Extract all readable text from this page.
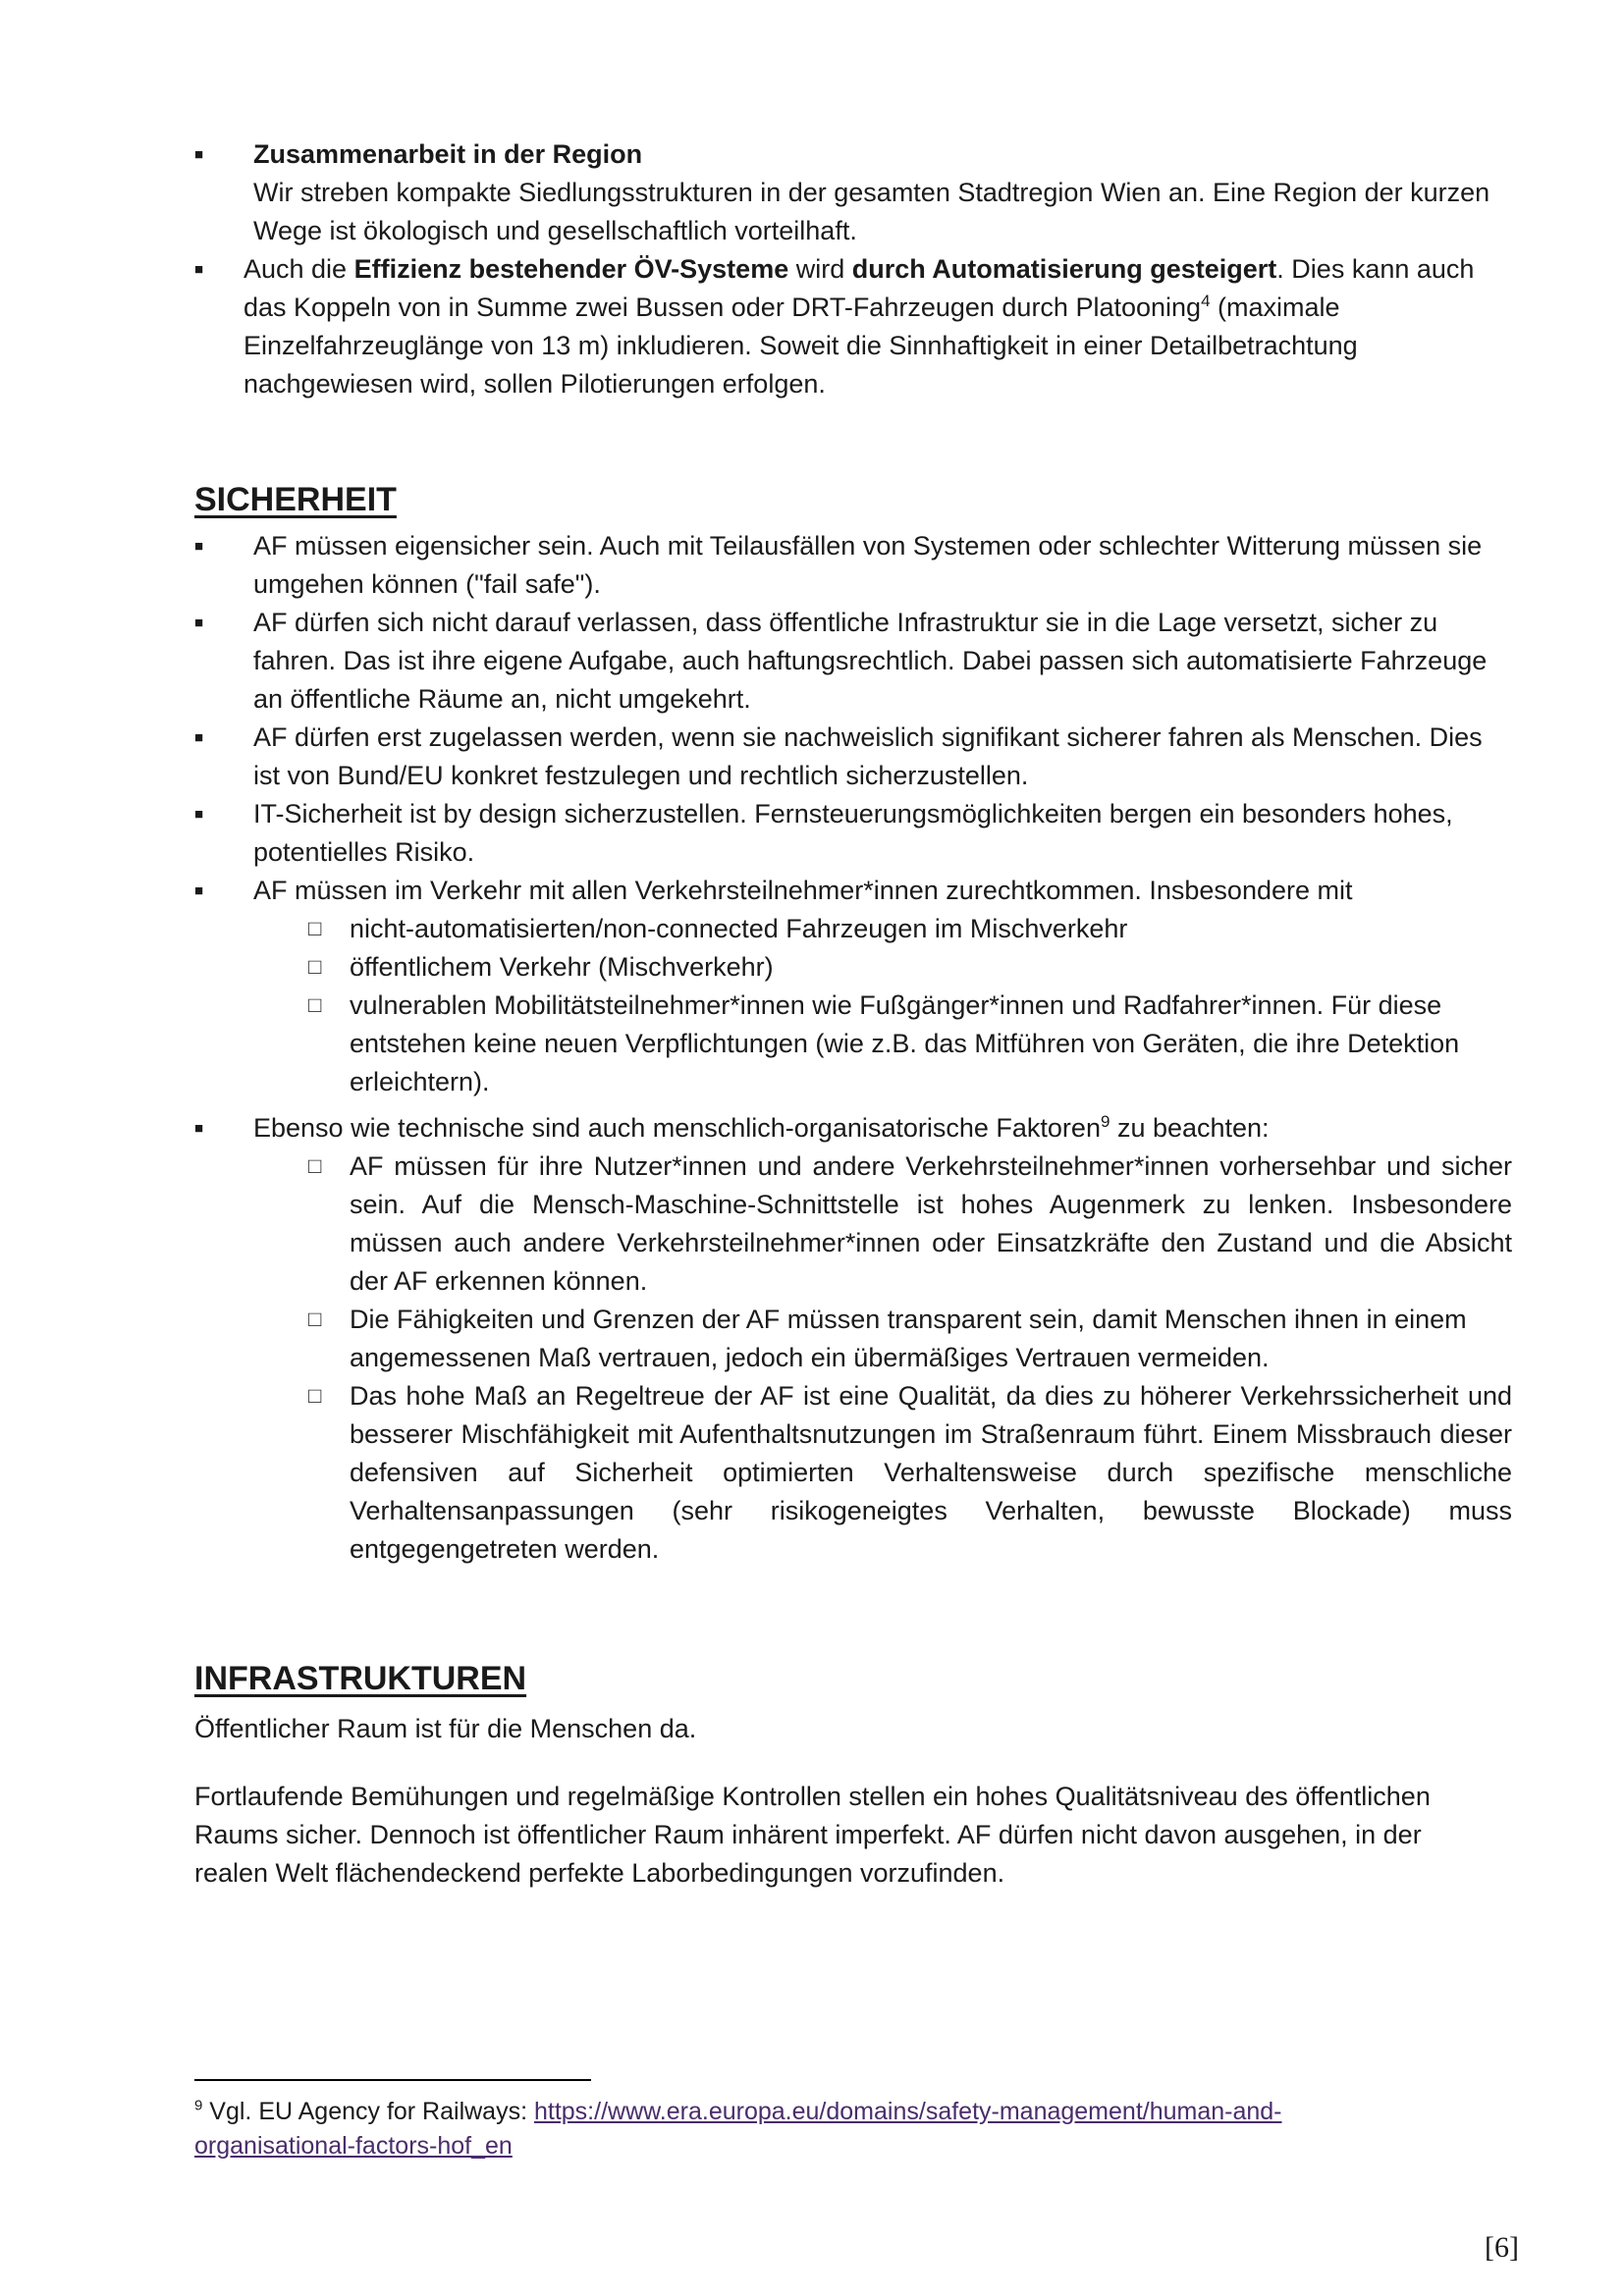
■ Zusammenarbeit in der Region
Wir streben kompakte Siedlungsstrukturen in der gesamten Stadtregion Wien an. Eine Region der kurzen Wege ist ökologisch und gesellschaftlich vorteilhaft.
■ Auch die Effizienz bestehender ÖV-Systeme wird durch Automatisierung gesteigert. Dies kann auch das Koppeln von in Summe zwei Bussen oder DRT-Fahrzeugen durch Platooning$^4$ (maximale Einzelfahrzeuglänge von 13 m) inkludieren. Soweit die Sinnhaftigkeit in einer Detailbetrachtung nachgewiesen wird, sollen Pilotierungen erfolgen.
SICHERHEIT
■ AF müssen eigensicher sein. Auch mit Teilausfällen von Systemen oder schlechter Witterung müssen sie umgehen können ("fail safe").
■ AF dürfen sich nicht darauf verlassen, dass öffentliche Infrastruktur sie in die Lage versetzt, sicher zu fahren. Das ist ihre eigene Aufgabe, auch haftungsrechtlich. Dabei passen sich automatisierte Fahrzeuge an öffentliche Räume an, nicht umgekehrt.
■ AF dürfen erst zugelassen werden, wenn sie nachweislich signifikant sicherer fahren als Menschen. Dies ist von Bund/EU konkret festzulegen und rechtlich sicherzustellen.
■ IT-Sicherheit ist by design sicherzustellen. Fernsteuerungsmöglichkeiten bergen ein besonders hohes, potentielles Risiko.
■ AF müssen im Verkehr mit allen Verkehrsteilnehmer*innen zurechtkommen. Insbesondere mit
□ nicht-automatisierten/non-connected Fahrzeugen im Mischverkehr
□ öffentlichem Verkehr (Mischverkehr)
□ vulnerablen Mobilitätsteilnehmer*innen wie Fußgänger*innen und Radfahrer*innen. Für diese entstehen keine neuen Verpflichtungen (wie z.B. das Mitführen von Geräten, die ihre Detektion erleichtern).
■ Ebenso wie technische sind auch menschlich-organisatorische Faktoren$^9$ zu beachten:
□ AF müssen für ihre Nutzer*innen und andere Verkehrsteilnehmer*innen vorhersehbar und sicher sein. Auf die Mensch-Maschine-Schnittstelle ist hohes Augenmerk zu lenken. Insbesondere müssen auch andere Verkehrsteilnehmer*innen oder Einsatzkräfte den Zustand und die Absicht der AF erkennen können.
□ Die Fähigkeiten und Grenzen der AF müssen transparent sein, damit Menschen ihnen in einem angemessenen Maß vertrauen, jedoch ein übermäßiges Vertrauen vermeiden.
□ Das hohe Maß an Regeltreue der AF ist eine Qualität, da dies zu höherer Verkehrssicherheit und besserer Mischfähigkeit mit Aufenthaltsnutzungen im Straßenraum führt. Einem Missbrauch dieser defensiven auf Sicherheit optimierten Verhaltensweise durch spezifische menschliche Verhaltensanpassungen (sehr risikogeneigtes Verhalten, bewusste Blockade) muss entgegengetreten werden.
INFRASTRUKTUREN

Öffentlicher Raum ist für die Menschen da.

Fortlaufende Bemühungen und regelmäßige Kontrollen stellen ein hohes Qualitätsniveau des öffentlichen Raums sicher. Dennoch ist öffentlicher Raum inhärent imperfekt. AF dürfen nicht davon ausgehen, in der realen Welt flächendeckend perfekte Laborbedingungen vorzufinden.

$^9$ Vgl. EU Agency for Railways: https://www.era.europa.eu/domains/safety-management/human-and-organisational-factors-hof_en
[6]
